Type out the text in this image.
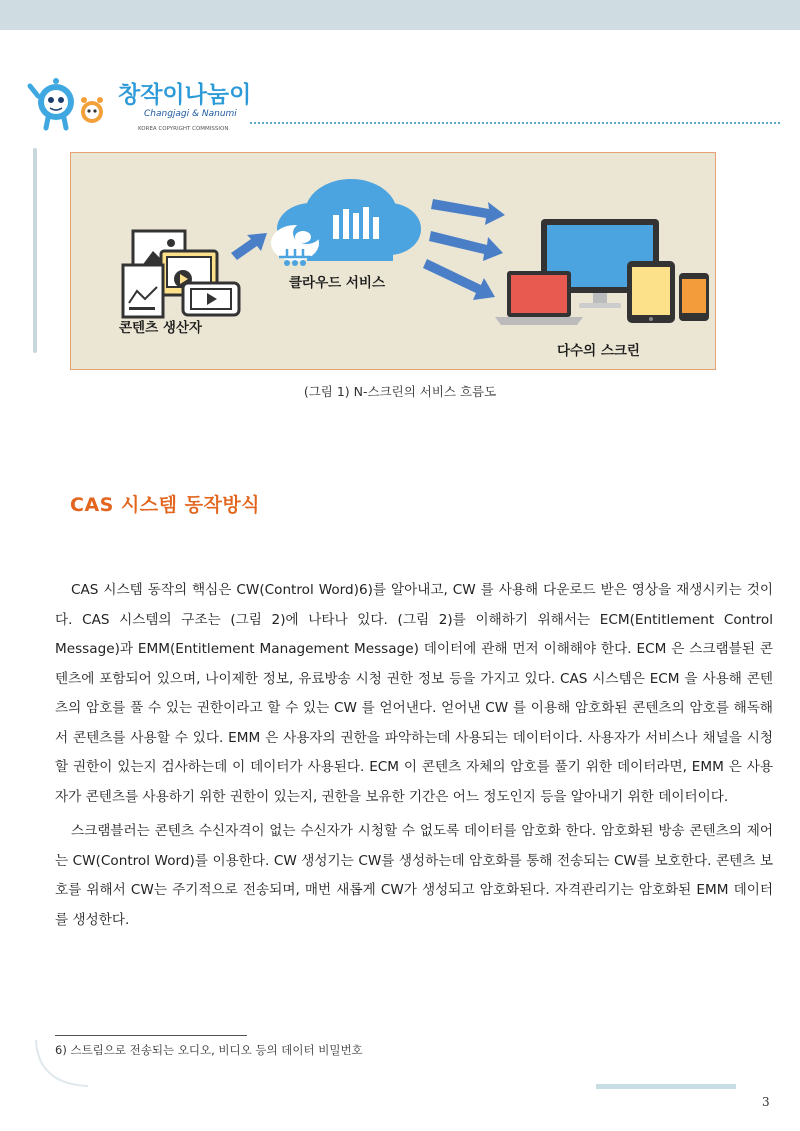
창작이나눔이
Changjagi & Nanumi
KOREA COPYRIGHT COMMISSION
콘텐츠 생산자
클라우드 서비스
다수의 스크린
(그림 1) N-스크린의 서비스 흐름도
CAS 시스템 동작방식

CAS 시스템 동작의 핵심은 CW(Control Word)6)를 알아내고, CW 를 사용해 다운로드 받은 영상을 재생시키는 것이다. CAS 시스템의 구조는 (그림 2)에 나타나 있다. (그림 2)를 이해하기 위해서는 ECM(Entitlement Control Message)과 EMM(Entitlement Management Message) 데이터에 관해 먼저 이해해야 한다. ECM 은 스크램블된 콘텐츠에 포함되어 있으며, 나이제한 정보, 유료방송 시청 권한 정보 등을 가지고 있다. CAS 시스템은 ECM 을 사용해 콘텐츠의 암호를 풀 수 있는 권한이라고 할 수 있는 CW 를 얻어낸다. 얻어낸 CW 를 이용해 암호화된 콘텐츠의 암호를 해독해서 콘텐츠를 사용할 수 있다. EMM 은 사용자의 권한을 파악하는데 사용되는 데이터이다. 사용자가 서비스나 채널을 시청할 권한이 있는지 검사하는데 이 데이터가 사용된다. ECM 이 콘텐츠 자체의 암호를 풀기 위한 데이터라면, EMM 은 사용자가 콘텐츠를 사용하기 위한 권한이 있는지, 권한을 보유한 기간은 어느 정도인지 등을 알아내기 위한 데이터이다.

스크램블러는 콘텐츠 수신자격이 없는 수신자가 시청할 수 없도록 데이터를 암호화 한다. 암호화된 방송 콘텐츠의 제어는 CW(Control Word)를 이용한다. CW 생성기는 CW를 생성하는데 암호화를 통해 전송되는 CW를 보호한다. 콘텐츠 보호를 위해서 CW는 주기적으로 전송되며, 매번 새롭게 CW가 생성되고 암호화된다. 자격관리기는 암호화된 EMM 데이터를 생성한다.

6) 스트림으로 전송되는 오디오, 비디오 등의 데이터 비밀번호
3
